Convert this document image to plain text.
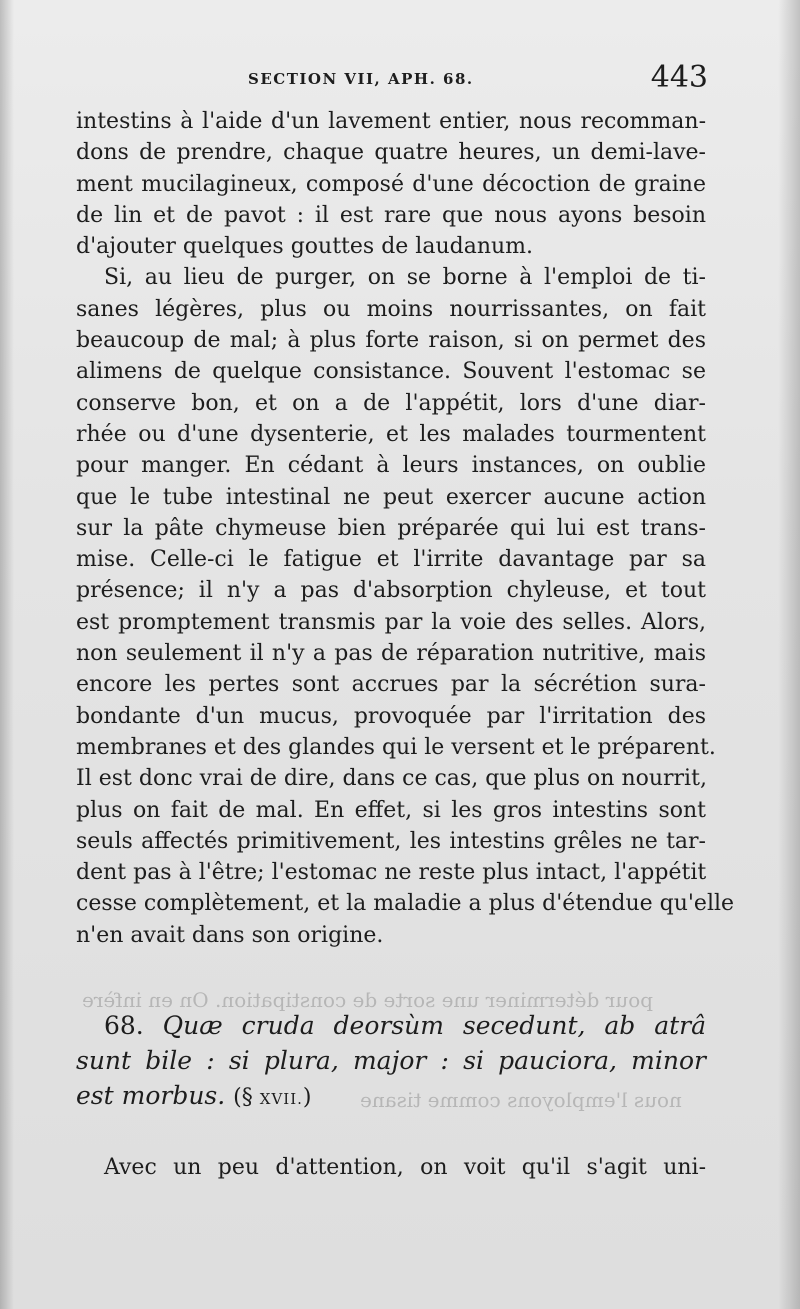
pour déterminer une sorte de constipation. On en infère
nous l'employons comme tisane
SECTION VII, APH. 68.	443
intestins à l'aide d'un lavement entier, nous recomman-
dons de prendre, chaque quatre heures, un demi-lave-
ment mucilagineux, composé d'une décoction de graine
de lin et de pavot : il est rare que nous ayons besoin
d'ajouter quelques gouttes de laudanum.
Si, au lieu de purger, on se borne à l'emploi de ti-
sanes légères, plus ou moins nourrissantes, on fait
beaucoup de mal; à plus forte raison, si on permet des
alimens de quelque consistance. Souvent l'estomac se
conserve bon, et on a de l'appétit, lors d'une diar-
rhée ou d'une dysenterie, et les malades tourmentent
pour manger. En cédant à leurs instances, on oublie
que le tube intestinal ne peut exercer aucune action
sur la pâte chymeuse bien préparée qui lui est trans-
mise. Celle-ci le fatigue et l'irrite davantage par sa
présence; il n'y a pas d'absorption chyleuse, et tout
est promptement transmis par la voie des selles. Alors,
non seulement il n'y a pas de réparation nutritive, mais
encore les pertes sont accrues par la sécrétion sura-
bondante d'un mucus, provoquée par l'irritation des
membranes et des glandes qui le versent et le préparent.
Il est donc vrai de dire, dans ce cas, que plus on nourrit,
plus on fait de mal. En effet, si les gros intestins sont
seuls affectés primitivement, les intestins grêles ne tar-
dent pas à l'être; l'estomac ne reste plus intact, l'appétit
cesse complètement, et la maladie a plus d'étendue qu'elle
n'en avait dans son origine.
68. Quæ cruda deorsùm secedunt, ab atrâ
sunt bile : si plura, major : si pauciora, minor
est morbus. (§ XVII.)
Avec un peu d'attention, on voit qu'il s'agit uni-
